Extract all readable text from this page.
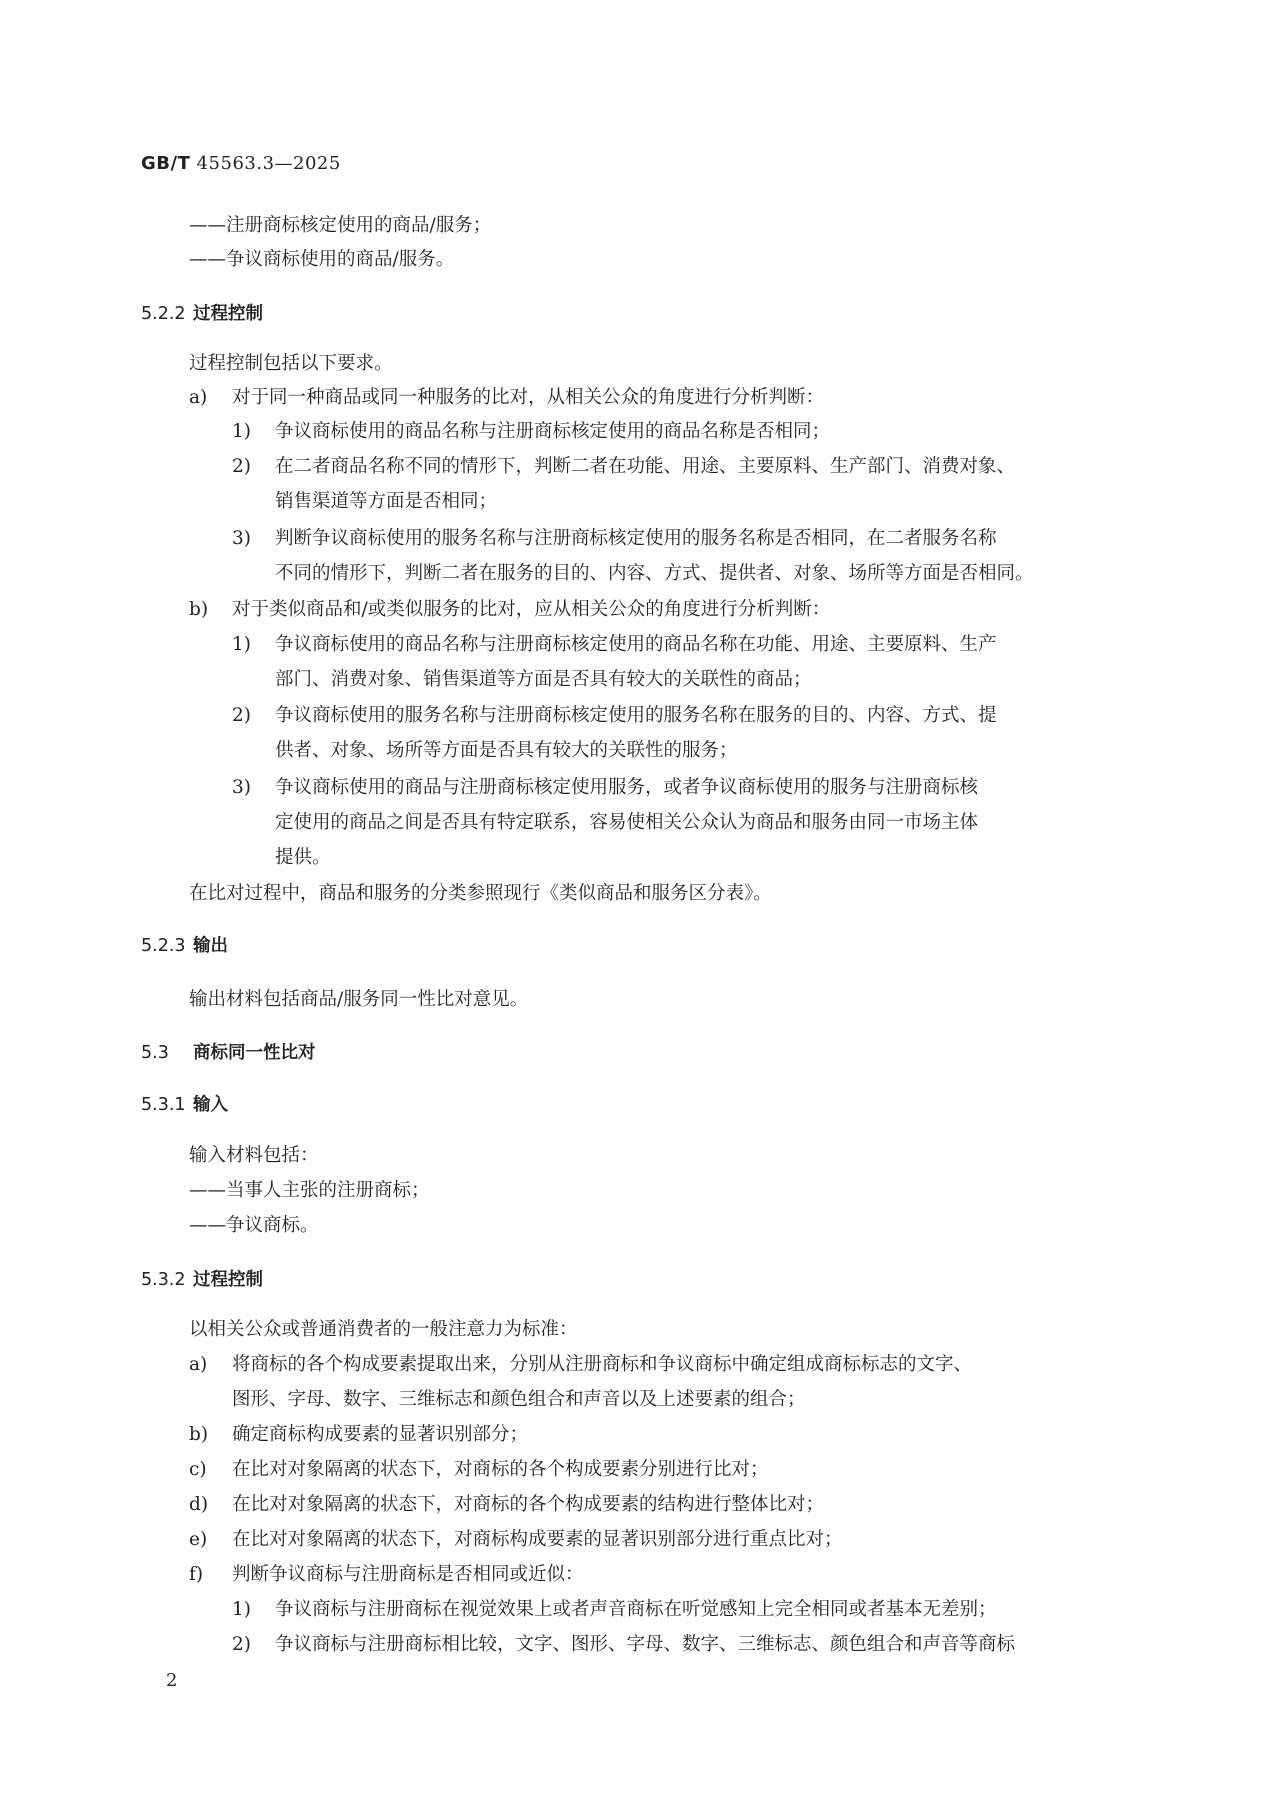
GB/T 45563.3—2025
——注册商标核定使用的商品/服务；
——争议商标使用的商品/服务。
5.2.2 过程控制
过程控制包括以下要求。
a) 对于同一种商品或同一种服务的比对，从相关公众的角度进行分析判断：
1) 争议商标使用的商品名称与注册商标核定使用的商品名称是否相同；
2) 在二者商品名称不同的情形下，判断二者在功能、用途、主要原料、生产部门、消费对象、
销售渠道等方面是否相同；
3) 判断争议商标使用的服务名称与注册商标核定使用的服务名称是否相同，在二者服务名称
不同的情形下，判断二者在服务的目的、内容、方式、提供者、对象、场所等方面是否相同。
b) 对于类似商品和/或类似服务的比对，应从相关公众的角度进行分析判断：
1) 争议商标使用的商品名称与注册商标核定使用的商品名称在功能、用途、主要原料、生产
部门、消费对象、销售渠道等方面是否具有较大的关联性的商品；
2) 争议商标使用的服务名称与注册商标核定使用的服务名称在服务的目的、内容、方式、提
供者、对象、场所等方面是否具有较大的关联性的服务；
3) 争议商标使用的商品与注册商标核定使用服务，或者争议商标使用的服务与注册商标核
定使用的商品之间是否具有特定联系，容易使相关公众认为商品和服务由同一市场主体
提供。
在比对过程中，商品和服务的分类参照现行《类似商品和服务区分表》。
5.2.3 输出
输出材料包括商品/服务同一性比对意见。
5.3 商标同一性比对
5.3.1 输入
输入材料包括：
——当事人主张的注册商标；
——争议商标。
5.3.2 过程控制
以相关公众或普通消费者的一般注意力为标准：
a) 将商标的各个构成要素提取出来，分别从注册商标和争议商标中确定组成商标标志的文字、
图形、字母、数字、三维标志和颜色组合和声音以及上述要素的组合；
b) 确定商标构成要素的显著识别部分；
c) 在比对对象隔离的状态下，对商标的各个构成要素分别进行比对；
d) 在比对对象隔离的状态下，对商标的各个构成要素的结构进行整体比对；
e) 在比对对象隔离的状态下，对商标构成要素的显著识别部分进行重点比对；
f) 判断争议商标与注册商标是否相同或近似：
1) 争议商标与注册商标在视觉效果上或者声音商标在听觉感知上完全相同或者基本无差别；
2) 争议商标与注册商标相比较，文字、图形、字母、数字、三维标志、颜色组合和声音等商标
2
